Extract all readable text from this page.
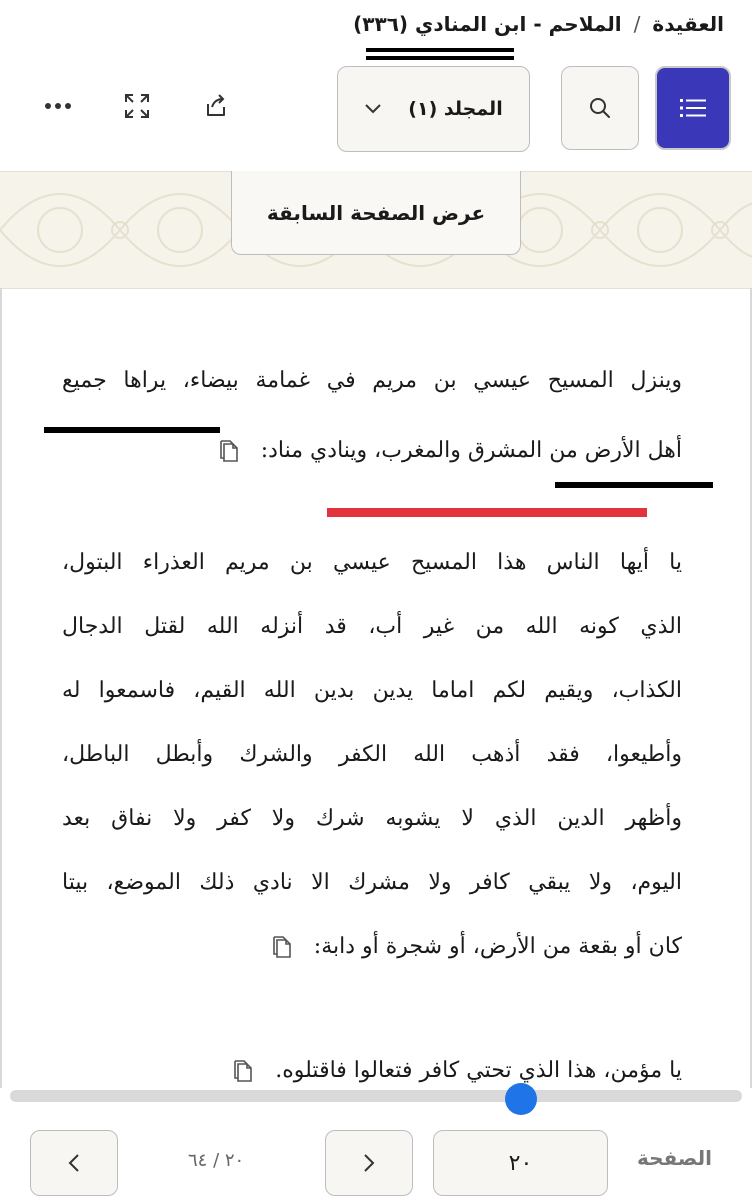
العقيدة
/
الملاحم - ابن المنادي (٣٣٦)
المجلد (١)
عرض الصفحة السابقة
وينزل المسيح عيسي بن مريم في غمامة بيضاء، يراها جميع
أهل الأرض من المشرق والمغرب، وينادي مناد:
يا أيها الناس هذا المسيح عيسي بن مريم العذراء البتول،
الذي كونه الله من غير أب، قد أنزله الله لقتل الدجال
الكذاب، ويقيم لكم اماما يدين بدين الله القيم، فاسمعوا له
وأطيعوا، فقد أذهب الله الكفر والشرك وأبطل الباطل،
وأظهر الدين الذي لا يشوبه شرك ولا كفر ولا نفاق بعد
اليوم، ولا يبقي كافر ولا مشرك الا نادي ذلك الموضع، بيتا
كان أو بقعة من الأرض، أو شجرة أو دابة:
يا مؤمن، هذا الذي تحتي كافر فتعالوا فاقتلوه.
الصفحة
٢٠
٢٠ / ٦٤
